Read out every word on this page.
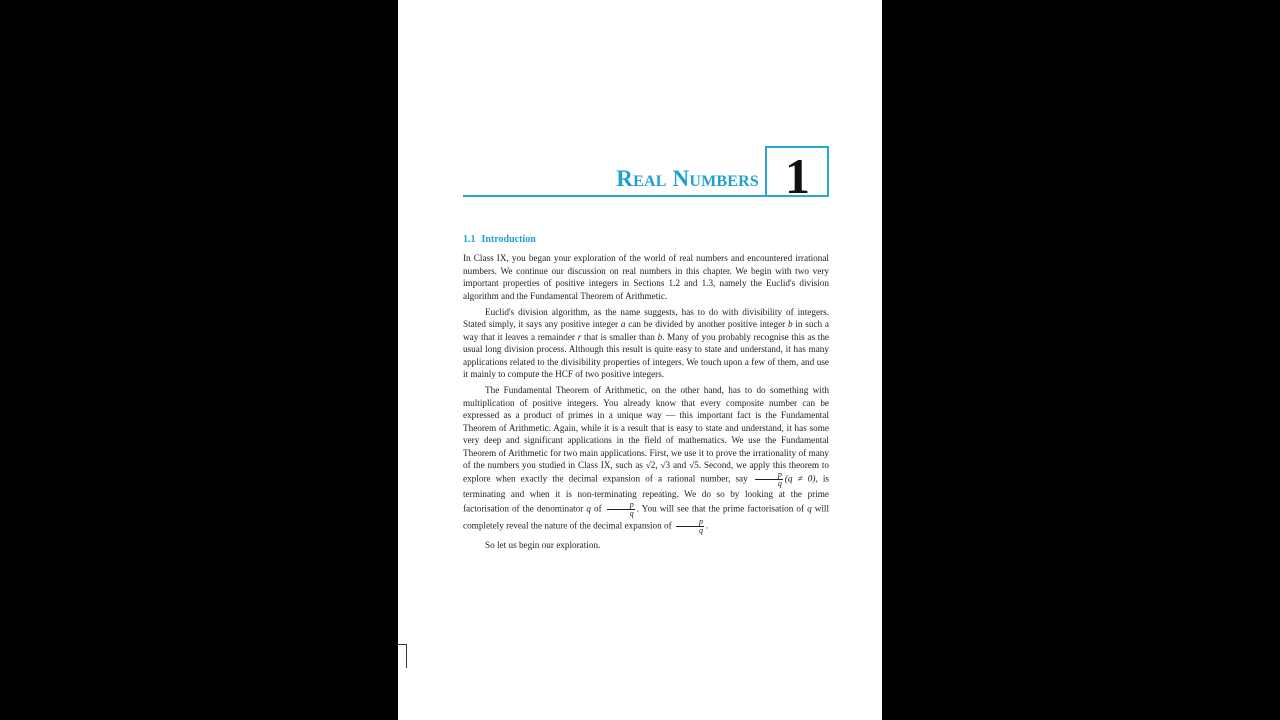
Real Numbers 1
1.1 Introduction

In Class IX, you began your exploration of the world of real numbers and encountered irrational numbers. We continue our discussion on real numbers in this chapter. We begin with two very important properties of positive integers in Sections 1.2 and 1.3, namely the Euclid's division algorithm and the Fundamental Theorem of Arithmetic.

Euclid's division algorithm, as the name suggests, has to do with divisibility of integers. Stated simply, it says any positive integer a can be divided by another positive integer b in such a way that it leaves a remainder r that is smaller than b. Many of you probably recognise this as the usual long division process. Although this result is quite easy to state and understand, it has many applications related to the divisibility properties of integers. We touch upon a few of them, and use it mainly to compute the HCF of two positive integers.

The Fundamental Theorem of Arithmetic, on the other hand, has to do something with multiplication of positive integers. You already know that every composite number can be expressed as a product of primes in a unique way — this important fact is the Fundamental Theorem of Arithmetic. Again, while it is a result that is easy to state and understand, it has some very deep and significant applications in the field of mathematics. We use the Fundamental Theorem of Arithmetic for two main applications. First, we use it to prove the irrationality of many of the numbers you studied in Class IX, such as √2, √3 and √5. Second, we apply this theorem to explore when exactly the decimal expansion of a rational number, say $\frac{p}{q} (q \ne 0)$, is terminating and when it is non-terminating repeating. We do so by looking at the prime factorisation of the denominator q of $\frac{p}{q}$ . You will see that the prime factorisation of q will completely reveal the nature of the decimal expansion of $\frac{p}{q}$ .

So let us begin our exploration.
